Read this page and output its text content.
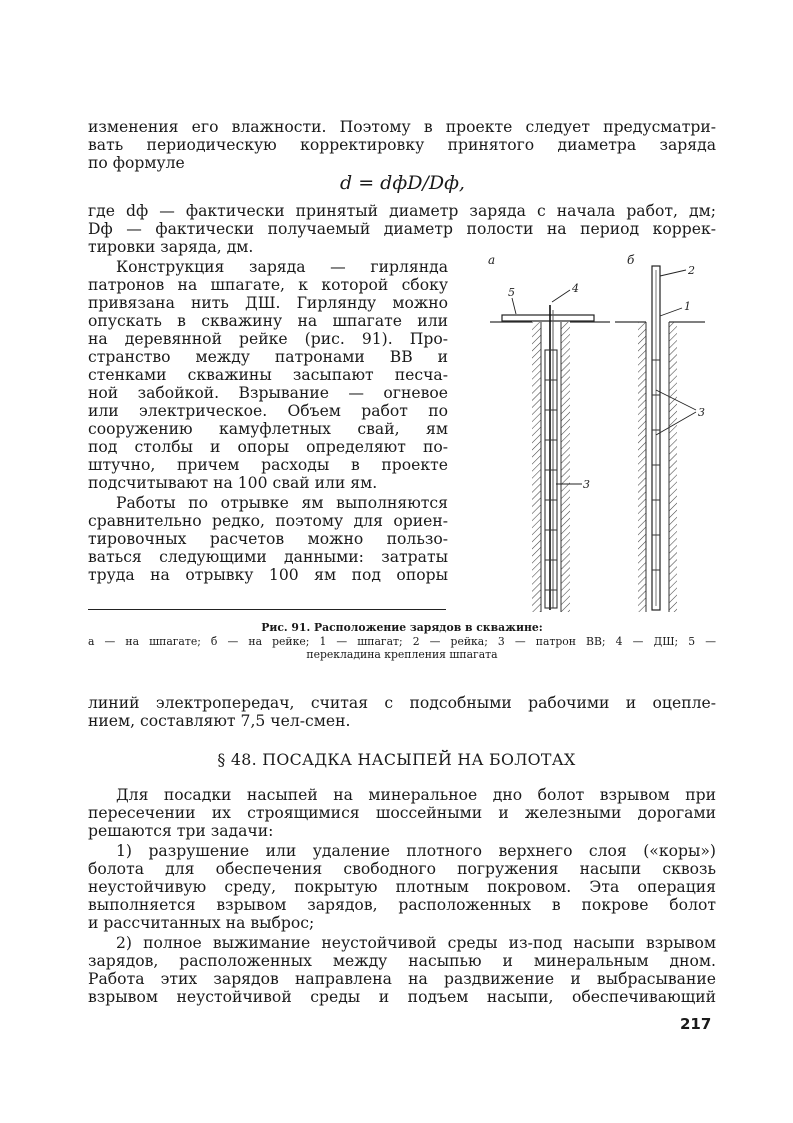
изменения его влажности. Поэтому в проекте следует предусматри-
вать периодическую корректировку принятого диаметра заряда
по формуле
d = dфD/Dф,
где dф — фактически принятый диаметр заряда с начала работ, дм;
Dф — фактически получаемый диаметр полости на период коррек-
тировки заряда, дм.
Конструкция заряда — гирлянда
патронов на шпагате, к которой сбоку
привязана нить ДШ. Гирлянду можно
опускать в скважину на шпагате или
на деревянной рейке (рис. 91). Про-
странство между патронами ВВ и
стенками скважины засыпают песча-
ной забойкой. Взрывание — огневое
или электрическое. Объем работ по
сооружению камуфлетных свай, ям
под столбы и опоры определяют по-
штучно, причем расходы в проекте
подсчитывают на 100 свай или ям.
Работы по отрывке ям выполняются
сравнительно редко, поэтому для ориен-
тировочных расчетов можно пользо-
ваться следующими данными: затраты
труда на отрывку 100 ям под опоры
а
4
5
3
б
2
1
3
Рис. 91. Расположение зарядов в скважине:
а — на шпагате; б — на рейке; 1 — шпагат; 2 — рейка; 3 — патрон ВВ; 4 — ДШ; 5 —
перекладина крепления шпагата
линий электропередач, считая с подсобными рабочими и оцепле-
нием, составляют 7,5 чел-смен.
§ 48. ПОСАДКА НАСЫПЕЙ НА БОЛОТАХ
Для посадки насыпей на минеральное дно болот взрывом при
пересечении их строящимися шоссейными и железными дорогами
решаются три задачи:
1) разрушение или удаление плотного верхнего слоя («коры»)
болота для обеспечения свободного погружения насыпи сквозь
неустойчивую среду, покрытую плотным покровом. Эта операция
выполняется взрывом зарядов, расположенных в покрове болот
и рассчитанных на выброс;
2) полное выжимание неустойчивой среды из-под насыпи взрывом
зарядов, расположенных между насыпью и минеральным дном.
Работа этих зарядов направлена на раздвижение и выбрасывание
взрывом неустойчивой среды и подъем насыпи, обеспечивающий
217
